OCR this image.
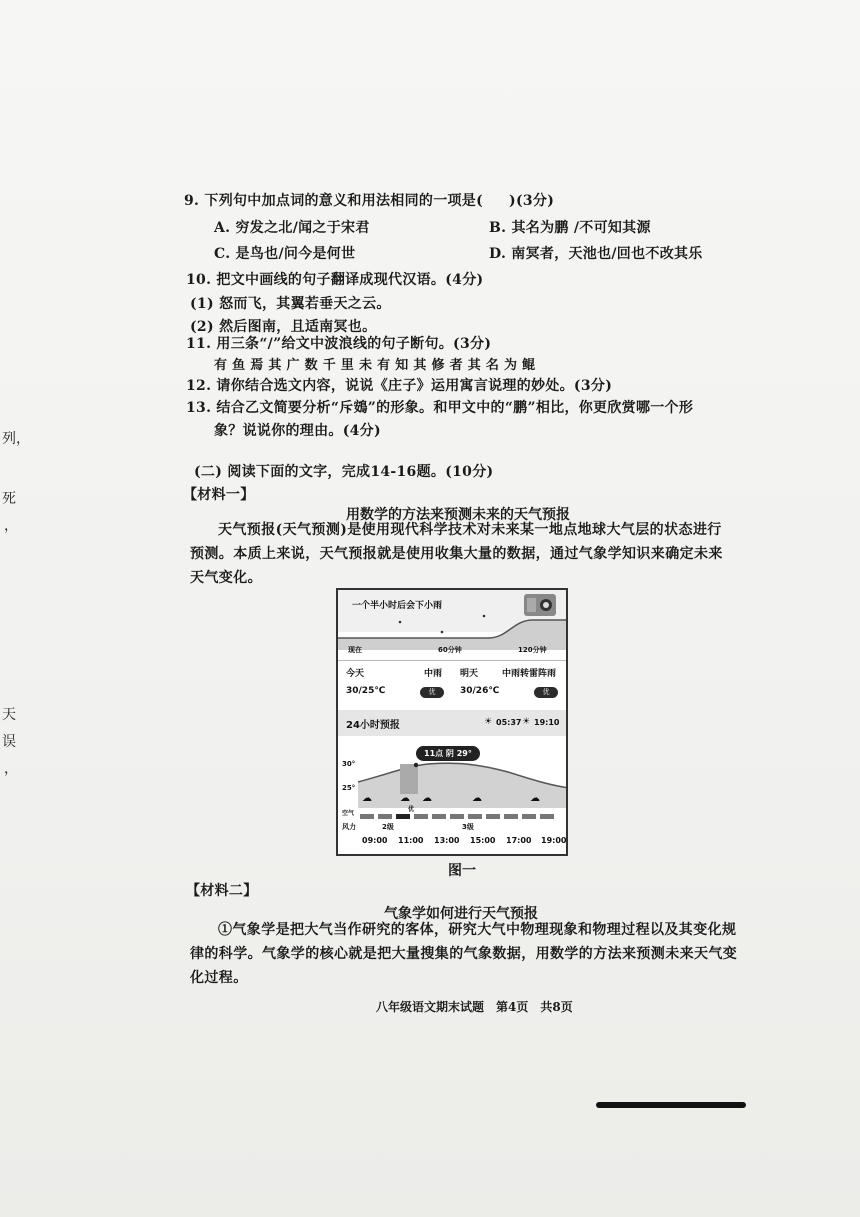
列，
死
，
天
误
，
9. 下列句中加点词的意义和用法相同的一项是( )(3分)
A. 穷发之北/闻之于宋君	B. 其名为鹏 /不可知其源
C. 是鸟也/问今是何世	D. 南冥者，天池也/回也不改其乐
10. 把文中画线的句子翻译成现代汉语。(4分)
(1) 怒而飞，其翼若垂天之云。
(2) 然后图南，且适南冥也。
11. 用三条“/”给文中波浪线的句子断句。(3分)
有 鱼 焉 其 广 数 千 里 未 有 知 其 修 者 其 名 为 鲲
12. 请你结合选文内容，说说《庄子》运用寓言说理的妙处。(3分)
13. 结合乙文简要分析“斥鴳”的形象。和甲文中的“鹏”相比，你更欣赏哪一个形
象？说说你的理由。(4分)
(二) 阅读下面的文字，完成14-16题。(10分)
【材料一】
用数学的方法来预测未来的天气预报
天气预报(天气预测)是使用现代科学技术对未来某一地点地球大气层的状态进行预测。本质上来说，天气预报就是使用收集大量的数据，通过气象学知识来确定未来天气变化。
一个半小时后会下小雨
现在	60分钟	120分钟
今天	中雨 明天	中雨转雷阵雨
30/25℃	优	30/26℃	优
24小时预报	☀ 05:37 ☀ 19:10
11点 阴 29°
30°
25°
☁	☁ ☁	☁	☁
空气
优
风力	2级	3级
09:00 11:00 13:00 15:00 17:00 19:00
图一
【材料二】
气象学如何进行天气预报
①气象学是把大气当作研究的客体，研究大气中物理现象和物理过程以及其变化规律的科学。气象学的核心就是把大量搜集的气象数据，用数学的方法来预测未来天气变化过程。
八年级语文期末试题　第4页　共8页
